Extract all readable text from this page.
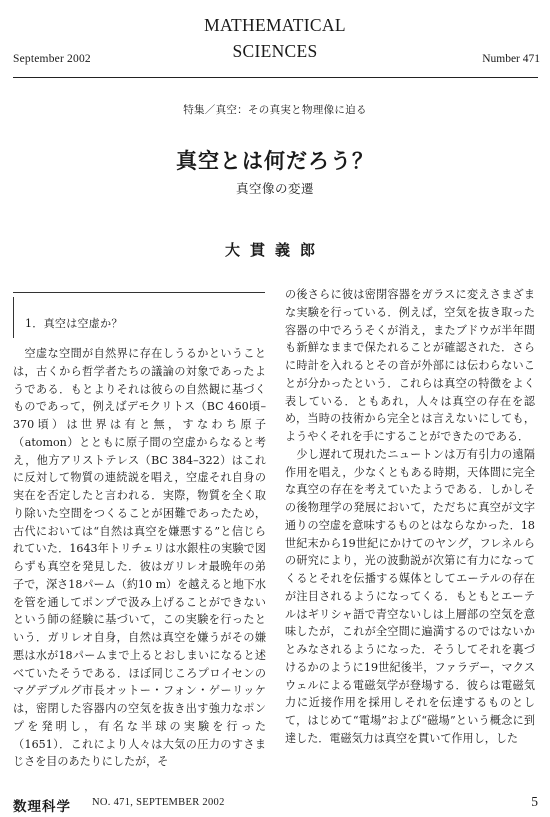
September 2002
MATHEMATICAL
SCIENCES	Number 471
特集／真空：その真実と物理像に迫る
真空とは何だろう？
真空像の変遷
大貫義郎
1．真空は空虚か？

　空虚な空間が自然界に存在しうるかということは，古くから哲学者たちの議論の対象であったようである．もとよりそれは彼らの自然観に基づくものであって，例えばデモクリトス（BC 460頃–370頃）は世界は有と無，すなわち原子（atomon）とともに原子間の空虚からなると考え，他方アリストテレス（BC 384–322）はこれに反対して物質の連続説を唱え，空虚それ自身の実在を否定したと言われる．実際，物質を全く取り除いた空間をつくることが困難であったため，古代においては“自然は真空を嫌悪する”と信じられていた．1643年トリチェリは水銀柱の実験で図らずも真空を発見した．彼はガリレオ最晩年の弟子で，深さ18パーム（約10 m）を越えると地下水を管を通してポンプで汲み上げることができないという師の経験に基づいて，この実験を行ったという．ガリレオ自身，自然は真空を嫌うがその嫌悪は水が18パームまで上るとおしまいになると述べていたそうである．ほぼ同じころプロイセンのマグデブルグ市長オットー・フォン・ゲーリッケは，密閉した容器内の空気を抜き出す強力なポンプを発明し，有名な半球の実験を行った（1651）．これにより人々は大気の圧力のすさまじさを目のあたりにしたが，そ

の後さらに彼は密閉容器をガラスに変えさまざまな実験を行っている．例えば，空気を抜き取った容器の中でろうそくが消え，またブドウが半年間も新鮮なままで保たれることが確認された．さらに時計を入れるとその音が外部には伝わらないことが分かったという．これらは真空の特徴をよく表している．ともあれ，人々は真空の存在を認め，当時の技術から完全とは言えないにしても，ようやくそれを手にすることができたのである．

　少し遅れて現れたニュートンは万有引力の遠隔作用を唱え，少なくともある時期，天体間に完全な真空の存在を考えていたようである．しかしその後物理学の発展において，ただちに真空が文字通りの空虚を意味するものとはならなかった．18世紀末から19世紀にかけてのヤング，フレネルらの研究により，光の波動説が次第に有力になってくるとそれを伝播する媒体としてエーテルの存在が注目されるようになってくる．もともとエーテルはギリシャ語で青空ないしは上層部の空気を意味したが，これが全空間に遍満するのではないかとみなされるようになった．そうしてそれを裏づけるかのように19世紀後半，ファラデー，マクスウェルによる電磁気学が登場する．彼らは電磁気力に近接作用を採用しそれを伝達するものとして，はじめて“電場”および“磁場”という概念に到達した．電磁気力は真空を貫いて作用し，した

数理科学 NO. 471, SEPTEMBER 2002	5
